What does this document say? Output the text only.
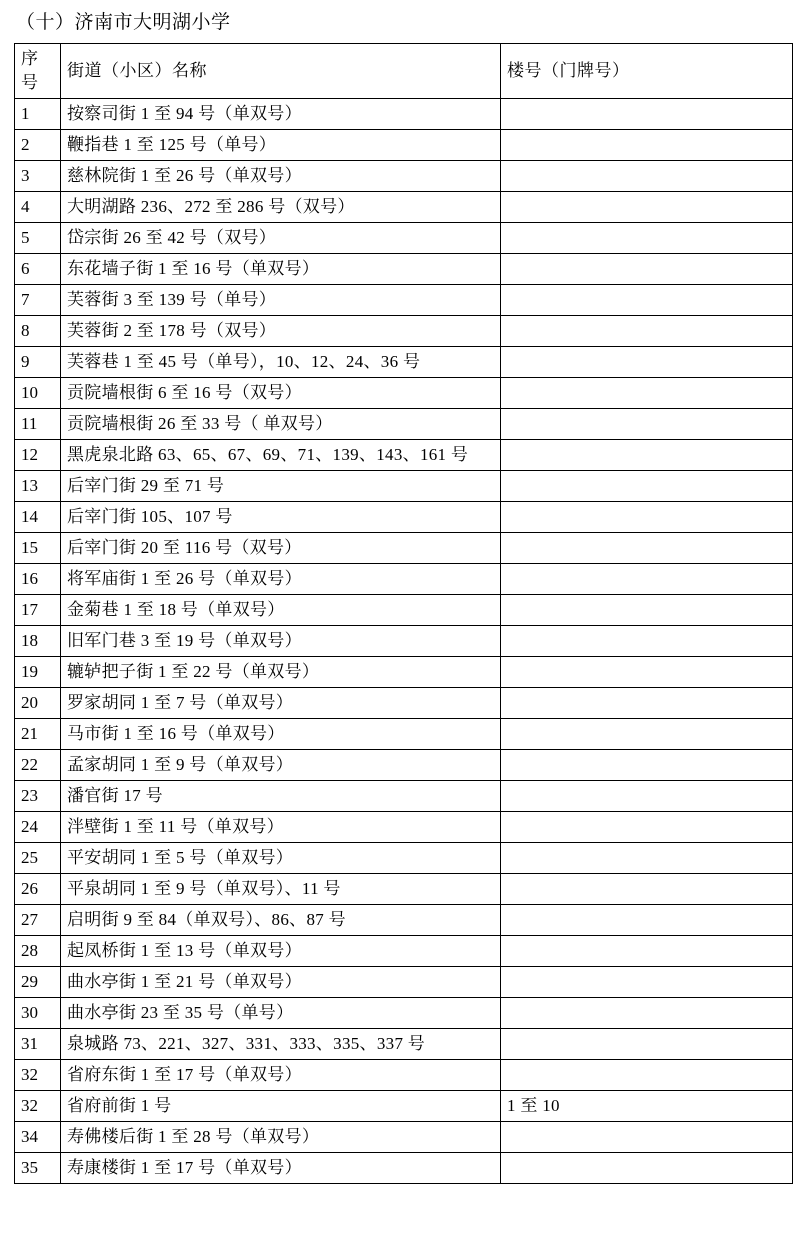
（十）济南市大明湖小学
序号	街道（小区）名称	楼号（门牌号）
1	按察司街 1 至 94 号（单双号）	
2	鞭指巷 1 至 125 号（单号）	
3	慈林院街 1 至 26 号（单双号）	
4	大明湖路 236、272 至 286 号（双号）	
5	岱宗街 26 至 42 号（双号）	
6	东花墙子街 1 至 16 号（单双号）	
7	芙蓉街 3 至 139 号（单号）	
8	芙蓉街 2 至 178 号（双号）	
9	芙蓉巷 1 至 45 号（单号），10、12、24、36 号	
10	贡院墙根街 6 至 16 号（双号）	
11	贡院墙根街 26 至 33 号（ 单双号）	
12	黑虎泉北路 63、65、67、69、71、139、143、161 号	
13	后宰门街 29 至 71 号	
14	后宰门街 105、107 号	
15	后宰门街 20 至 116 号（双号）	
16	将军庙街 1 至 26 号（单双号）	
17	金菊巷 1 至 18 号（单双号）	
18	旧军门巷 3 至 19 号（单双号）	
19	辘轳把子街 1 至 22 号（单双号）	
20	罗家胡同 1 至 7 号（单双号）	
21	马市街 1 至 16 号（单双号）	
22	孟家胡同 1 至 9 号（单双号）	
23	潘官街 17 号	
24	泮壁街 1 至 11 号（单双号）	
25	平安胡同 1 至 5 号（单双号）	
26	平泉胡同 1 至 9 号（单双号）、11 号	
27	启明街 9 至 84（单双号）、86、87 号	
28	起凤桥街 1 至 13 号（单双号）	
29	曲水亭街 1 至 21 号（单双号）	
30	曲水亭街 23 至 35 号（单号）	
31	泉城路 73、221、327、331、333、335、337 号	
32	省府东街 1 至 17 号（单双号）	
32	省府前街 1 号	1 至 10
34	寿佛楼后街 1 至 28 号（单双号）	
35	寿康楼街 1 至 17 号（单双号）	
